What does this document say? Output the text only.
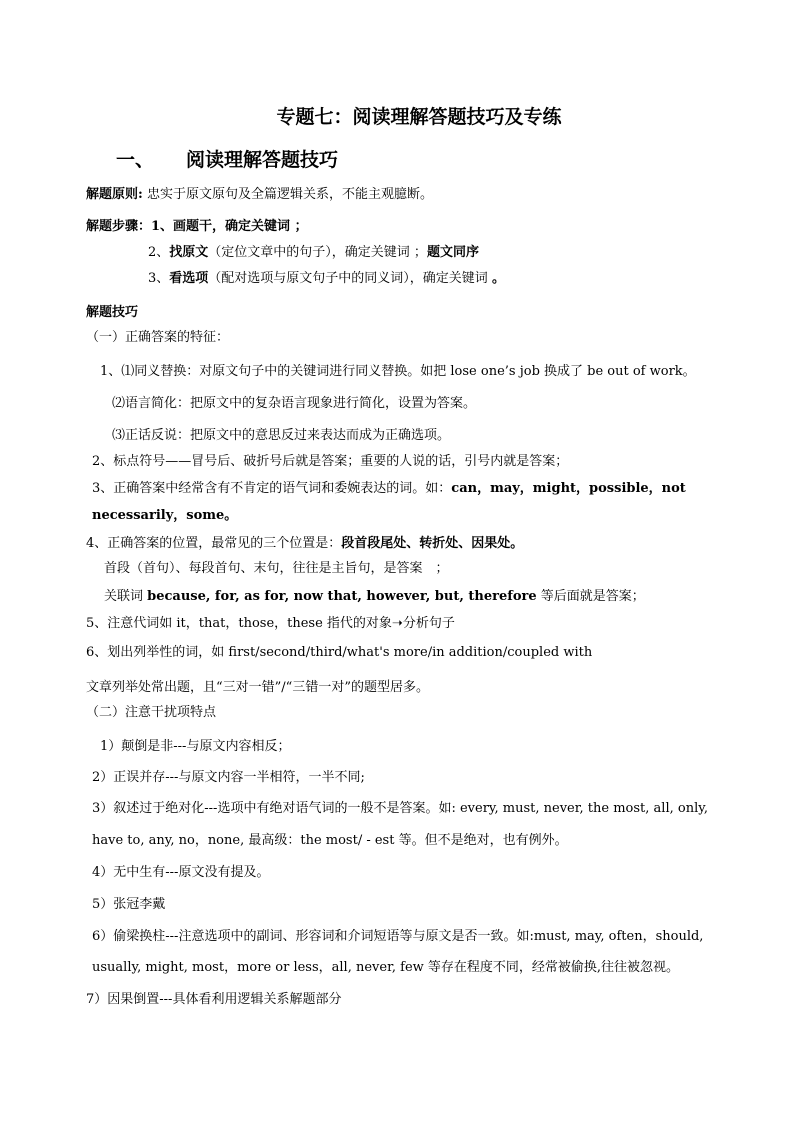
专题七：阅读理解答题技巧及专练
一、 阅读理解答题技巧
解题原则: 忠实于原文原句及全篇逻辑关系，不能主观臆断。
解题步骤：1、画题干，确定关键词 ；
2、找原文（定位文章中的句子），确定关键词 ；题文同序
3、看选项（配对选项与原文句子中的同义词），确定关键词 。
解题技巧
（一）正确答案的特征：
1、⑴同义替换：对原文句子中的关键词进行同义替换。如把 lose one’s job 换成了 be out of work。
⑵语言简化：把原文中的复杂语言现象进行简化，设置为答案。
⑶正话反说：把原文中的意思反过来表达而成为正确选项。
2、标点符号——冒号后、破折号后就是答案；重要的人说的话，引号内就是答案；
3、正确答案中经常含有不肯定的语气词和委婉表达的词。如：can，may，might，possible，not
necessarily，some。
4、正确答案的位置，最常见的三个位置是：段首段尾处、转折处、因果处。
首段（首句）、每段首句、末句，往往是主旨句，是答案　；
关联词 because, for, as for, now that, however, but, therefore 等后面就是答案；
5、注意代词如 it，that，those，these 指代的对象➝分析句子
6、划出列举性的词，如 first/second/third/what's more/in addition/coupled with
文章列举处常出题，且“三对一错”/“三错一对”的题型居多。
（二）注意干扰项特点
1）颠倒是非---与原文内容相反；
2）正误并存---与原文内容一半相符，一半不同;
3）叙述过于绝对化---选项中有绝对语气词的一般不是答案。如: every, must, never, the most, all, only,
have to, any, no，none, 最高级：the most/ - est 等。但不是绝对，也有例外。
4）无中生有---原文没有提及。
5）张冠李戴
6）偷梁换柱---注意选项中的副词、形容词和介词短语等与原文是否一致。如:must, may, often，should,
usually, might, most，more or less，all, never, few 等存在程度不同，经常被偷换,往往被忽视。
7）因果倒置---具体看利用逻辑关系解题部分
